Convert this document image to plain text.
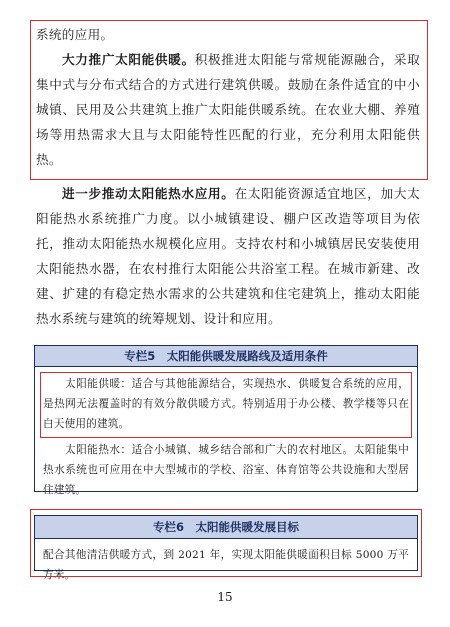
系统的应用。

大力推广太阳能供暖。积极推进太阳能与常规能源融合，采取集中式与分布式结合的方式进行建筑供暖。鼓励在条件适宜的中小城镇、民用及公共建筑上推广太阳能供暖系统。在农业大棚、养殖场等用热需求大且与太阳能特性匹配的行业，充分利用太阳能供热。

进一步推动太阳能热水应用。在太阳能资源适宜地区，加大太阳能热水系统推广力度。以小城镇建设、棚户区改造等项目为依托，推动太阳能热水规模化应用。支持农村和小城镇居民安装使用太阳能热水器，在农村推行太阳能公共浴室工程。在城市新建、改建、扩建的有稳定热水需求的公共建筑和住宅建筑上，推动太阳能热水系统与建筑的统筹规划、设计和应用。

专栏5　太阳能供暖发展路线及适用条件

太阳能供暖：适合与其他能源结合，实现热水、供暖复合系统的应用，是热网无法覆盖时的有效分散供暖方式。特别适用于办公楼、教学楼等只在白天使用的建筑。

太阳能热水：适合小城镇、城乡结合部和广大的农村地区。太阳能集中热水系统也可应用在中大型城市的学校、浴室、体育馆等公共设施和大型居住建筑。

专栏6　太阳能供暖发展目标

配合其他清洁供暖方式，到 2021 年，实现太阳能供暖面积目标 5000 万平方米。

15
